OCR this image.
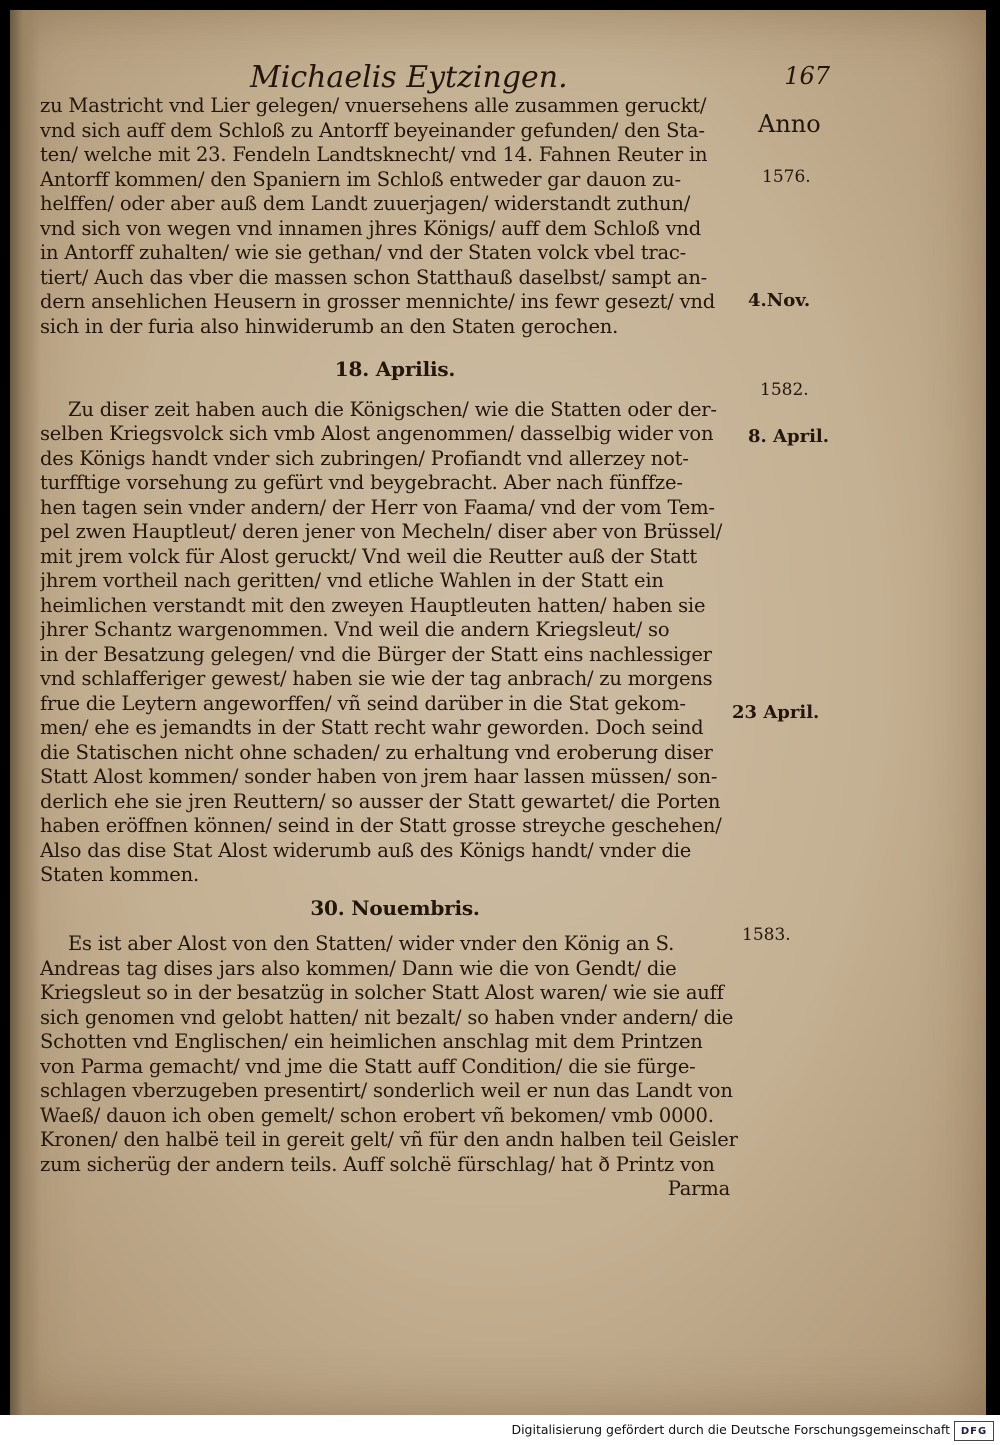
Michaelis Eytzingen.	167
zu Mastricht vnd Lier gelegen/ vnuersehens alle zusammen geruckt/
vnd sich auff dem Schloß zu Antorff beyeinander gefunden/ den Sta-
ten/ welche mit 23. Fendeln Landtsknecht/ vnd 14. Fahnen Reuter in
Antorff kommen/ den Spaniern im Schloß entweder gar dauon zu-
helffen/ oder aber auß dem Landt zuuerjagen/ widerstandt zuthun/
vnd sich von wegen vnd innamen jhres Königs/ auff dem Schloß vnd
in Antorff zuhalten/ wie sie gethan/ vnd der Staten volck vbel trac-
tiert/ Auch das vber die massen schon Statthauß daselbst/ sampt an-
dern ansehlichen Heusern in grosser mennichte/ ins fewr gesezt/ vnd
sich in der furia also hinwiderumb an den Staten gerochen.
18. Aprilis.
Zu diser zeit haben auch die Königschen/ wie die Statten oder der-
selben Kriegsvolck sich vmb Alost angenommen/ dasselbig wider von
des Königs handt vnder sich zubringen/ Profiandt vnd allerzey not-
turfftige vorsehung zu gefürt vnd beygebracht. Aber nach fünffze-
hen tagen sein vnder andern/ der Herr von Faama/ vnd der vom Tem-
pel zwen Hauptleut/ deren jener von Mecheln/ diser aber von Brüssel/
mit jrem volck für Alost geruckt/ Vnd weil die Reutter auß der Statt
jhrem vortheil nach geritten/ vnd etliche Wahlen in der Statt ein
heimlichen verstandt mit den zweyen Hauptleuten hatten/ haben sie
jhrer Schantz wargenommen. Vnd weil die andern Kriegsleut/ so
in der Besatzung gelegen/ vnd die Bürger der Statt eins nachlessiger
vnd schlafferiger gewest/ haben sie wie der tag anbrach/ zu morgens
frue die Leytern angeworffen/ vñ seind darüber in die Stat gekom-
men/ ehe es jemandts in der Statt recht wahr geworden. Doch seind
die Statischen nicht ohne schaden/ zu erhaltung vnd eroberung diser
Statt Alost kommen/ sonder haben von jrem haar lassen müssen/ son-
derlich ehe sie jren Reuttern/ so ausser der Statt gewartet/ die Porten
haben eröffnen können/ seind in der Statt grosse streyche geschehen/
Also das dise Stat Alost widerumb auß des Königs handt/ vnder die
Staten kommen.
30. Nouembris.
Es ist aber Alost von den Statten/ wider vnder den König an S.
Andreas tag dises jars also kommen/ Dann wie die von Gendt/ die
Kriegsleut so in der besatzüg in solcher Statt Alost waren/ wie sie auff
sich genomen vnd gelobt hatten/ nit bezalt/ so haben vnder andern/ die
Schotten vnd Englischen/ ein heimlichen anschlag mit dem Printzen
von Parma gemacht/ vnd jme die Statt auff Condition/ die sie fürge-
schlagen vberzugeben presentirt/ sonderlich weil er nun das Landt von
Waeß/ dauon ich oben gemelt/ schon erobert vñ bekomen/ vmb 0000.
Kronen/ den halbë teil in gereit gelt/ vñ für den andn halben teil Geisler
zum sicherüg der andern teils. Auff solchë fürschlag/ hat ð Printz von
Parma
Anno
1576.
4.Nov.
1582.
8. April.
23 April.
1583.
Digitalisierung gefördert durch die Deutsche Forschungsgemeinschaft	DFG
